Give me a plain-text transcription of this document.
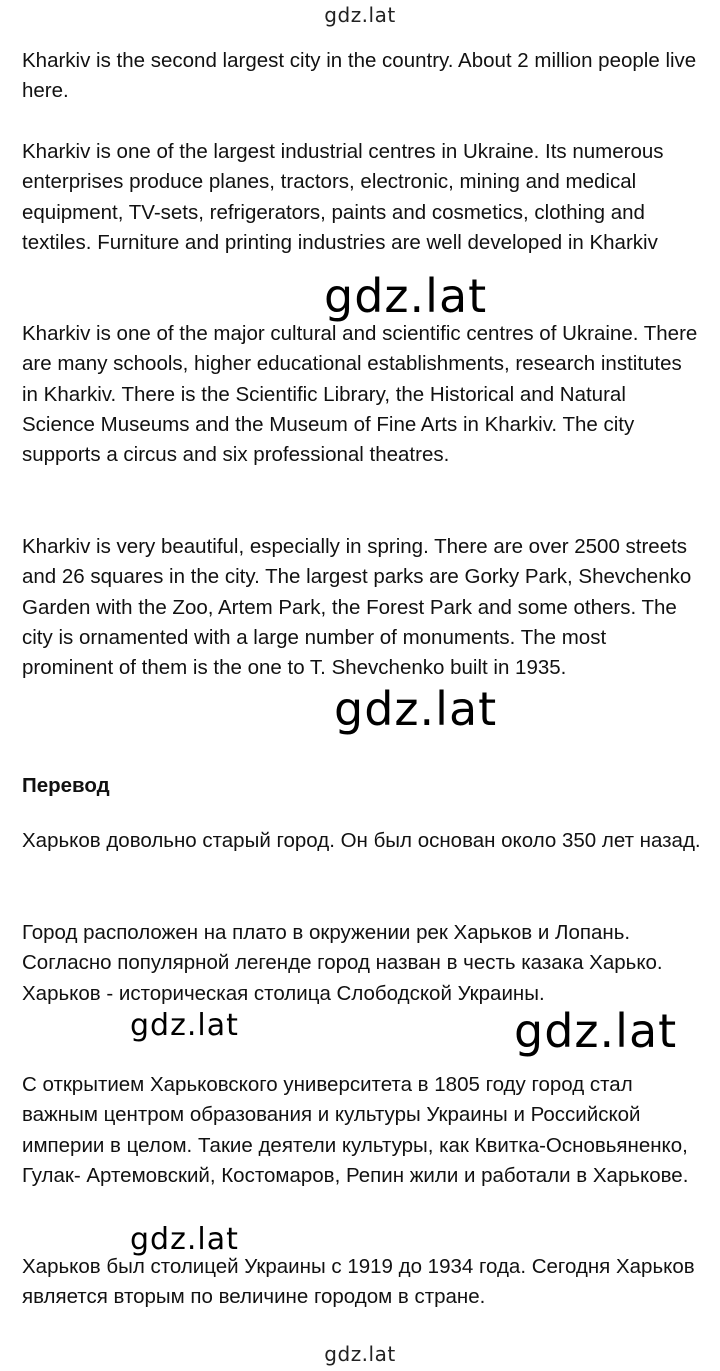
gdz.lat

Kharkiv is the second largest city in the country. About 2 million people live here.

Kharkiv is one of the largest industrial centres in Ukraine. Its numerous enterprises produce planes, tractors, electronic, mining and medical equipment, TV-sets, refrigerators, paints and cosmetics, clothing and textiles. Furniture and printing industries are well developed in Kharkiv

Kharkiv is one of the major cultural and scientific centres of Ukraine. There are many schools, higher educational establishments, research institutes in Kharkiv. There is the Scientific Library, the Historical and Natural Science Museums and the Museum of Fine Arts in Kharkiv. The city supports a circus and six professional theatres.

Kharkiv is very beautiful, especially in spring. There are over 2500 streets and 26 squares in the city. The largest parks are Gorky Park, Shevchenko Garden with the Zoo, Artem Park, the Forest Park and some others. The city is ornamented with a large number of monuments. The most prominent of them is the one to T. Shevchenko built in 1935.

Перевод

Харьков довольно старый город. Он был основан около 350 лет назад.

Город расположен на плато в окружении рек Харьков и Лопань. Согласно популярной легенде город назван в честь казака Харько. Харьков - историческая столица Слободской Украины.

С открытием Харьковского университета в 1805 году город стал важным центром образования и культуры Украины и Российской империи в целом. Такие деятели культуры, как Квитка-Основьяненко, Гулак- Артемовский, Костомаров, Репин жили и работали в Харькове.

Харьков был столицей Украины с 1919 до 1934 года. Сегодня Харьков является вторым по величине городом в стране.

gdz.lat
gdz.lat
gdz.lat	gdz.lat
gdz.lat
gdz.lat
